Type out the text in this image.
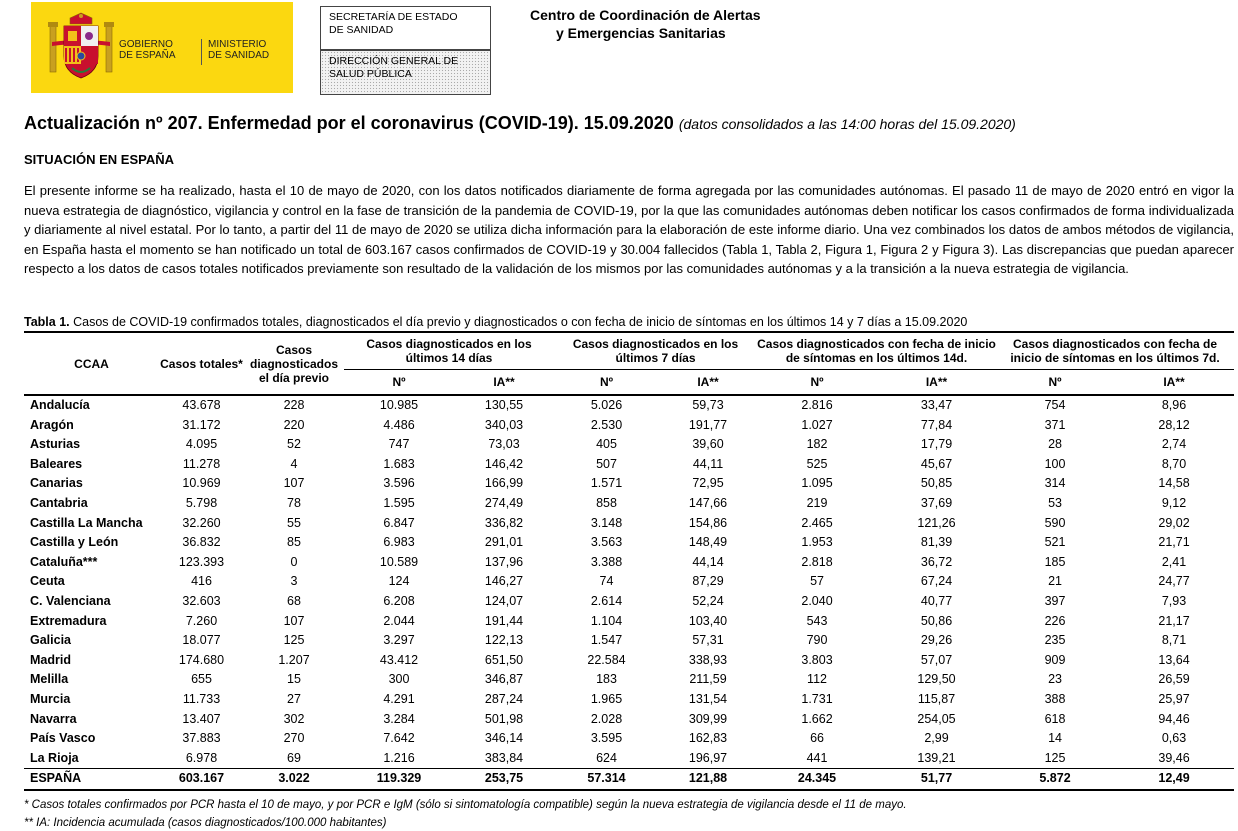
GOBIERNO
DE ESPAÑA
MINISTERIO
DE SANIDAD
SECRETARÍA DE ESTADO
DE SANIDAD
DIRECCIÓN GENERAL DE
SALUD PÚBLICA
Centro de Coordinación de Alertas
y Emergencias Sanitarias
Actualización nº 207. Enfermedad por el coronavirus (COVID-19). 15.09.2020 (datos consolidados a las 14:00 horas del 15.09.2020)
SITUACIÓN EN ESPAÑA
El presente informe se ha realizado, hasta el 10 de mayo de 2020, con los datos notificados diariamente de forma agregada por las comunidades autónomas. El pasado 11 de mayo de 2020 entró en vigor la nueva estrategia de diagnóstico, vigilancia y control en la fase de transición de la pandemia de COVID-19, por la que las comunidades autónomas deben notificar los casos confirmados de forma individualizada y diariamente al nivel estatal. Por lo tanto, a partir del 11 de mayo de 2020 se utiliza dicha información para la elaboración de este informe diario. Una vez combinados los datos de ambos métodos de vigilancia, en España hasta el momento se han notificado un total de 603.167 casos confirmados de COVID-19 y 30.004 fallecidos (Tabla 1, Tabla 2, Figura 1, Figura 2 y Figura 3). Las discrepancias que puedan aparecer respecto a los datos de casos totales notificados previamente son resultado de la validación de los mismos por las comunidades autónomas y a la transición a la nueva estrategia de vigilancia.
Tabla 1. Casos de COVID-19 confirmados totales, diagnosticados el día previo y diagnosticados o con fecha de inicio de síntomas en los últimos 14 y 7 días a 15.09.2020
CCAA	Casos totales*	Casos diagnosticados el día previo	Casos diagnosticados en los últimos 14 días		Casos diagnosticados en los últimos 7 días		Casos diagnosticados con fecha de inicio de síntomas en los últimos 14d.		Casos diagnosticados con fecha de inicio de síntomas en los últimos 7d.	
			Nº	IA**	Nº	IA**	Nº	IA**	Nº	IA**
Andalucía	43.678	228	10.985	130,55	5.026	59,73	2.816	33,47	754	8,96
Aragón	31.172	220	4.486	340,03	2.530	191,77	1.027	77,84	371	28,12
Asturias	4.095	52	747	73,03	405	39,60	182	17,79	28	2,74
Baleares	11.278	4	1.683	146,42	507	44,11	525	45,67	100	8,70
Canarias	10.969	107	3.596	166,99	1.571	72,95	1.095	50,85	314	14,58
Cantabria	5.798	78	1.595	274,49	858	147,66	219	37,69	53	9,12
Castilla La Mancha	32.260	55	6.847	336,82	3.148	154,86	2.465	121,26	590	29,02
Castilla y León	36.832	85	6.983	291,01	3.563	148,49	1.953	81,39	521	21,71
Cataluña***	123.393	0	10.589	137,96	3.388	44,14	2.818	36,72	185	2,41
Ceuta	416	3	124	146,27	74	87,29	57	67,24	21	24,77
C. Valenciana	32.603	68	6.208	124,07	2.614	52,24	2.040	40,77	397	7,93
Extremadura	7.260	107	2.044	191,44	1.104	103,40	543	50,86	226	21,17
Galicia	18.077	125	3.297	122,13	1.547	57,31	790	29,26	235	8,71
Madrid	174.680	1.207	43.412	651,50	22.584	338,93	3.803	57,07	909	13,64
Melilla	655	15	300	346,87	183	211,59	112	129,50	23	26,59
Murcia	11.733	27	4.291	287,24	1.965	131,54	1.731	115,87	388	25,97
Navarra	13.407	302	3.284	501,98	2.028	309,99	1.662	254,05	618	94,46
País Vasco	37.883	270	7.642	346,14	3.595	162,83	66	2,99	14	0,63
La Rioja	6.978	69	1.216	383,84	624	196,97	441	139,21	125	39,46
ESPAÑA	603.167	3.022	119.329	253,75	57.314	121,88	24.345	51,77	5.872	12,49
* Casos totales confirmados por PCR hasta el 10 de mayo, y por PCR e IgM (sólo si sintomatología compatible) según la nueva estrategia de vigilancia desde el 11 de mayo.
** IA: Incidencia acumulada (casos diagnosticados/100.000 habitantes)
